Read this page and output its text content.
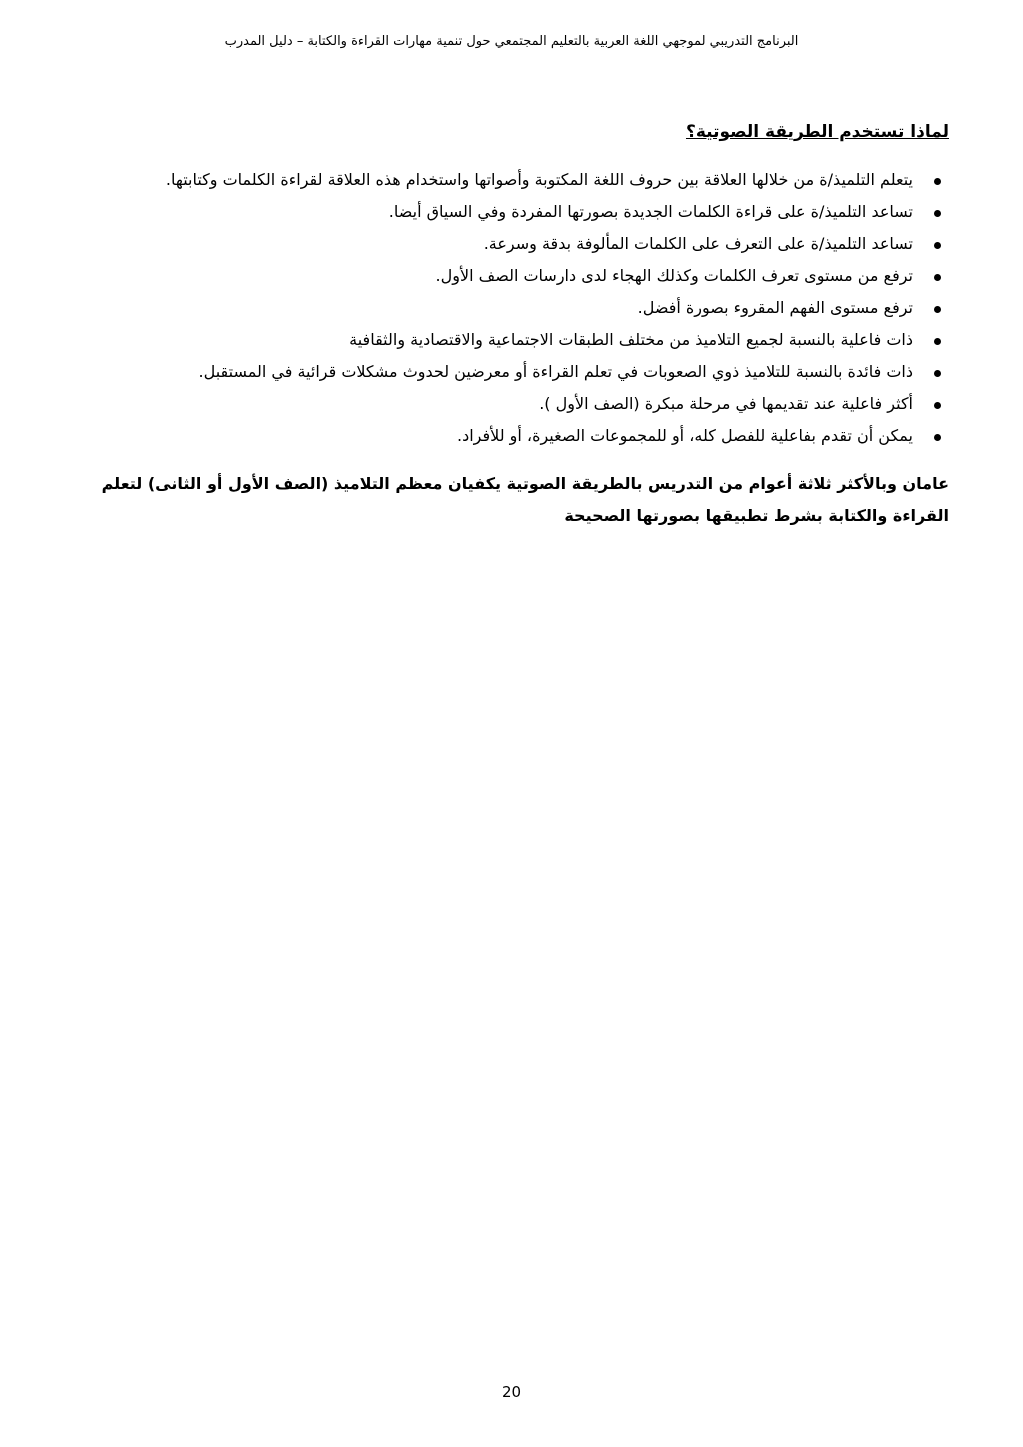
البرنامج التدريبي لموجهي اللغة العربية بالتعليم المجتمعي حول تنمية مهارات القراءة والكتابة – دليل المدرب
لماذا تستخدم الطريقة الصوتية؟
يتعلم التلميذ/ة من خلالها العلاقة بين حروف اللغة المكتوبة وأصواتها واستخدام هذه العلاقة لقراءة الكلمات وكتابتها.
تساعد التلميذ/ة على قراءة الكلمات الجديدة بصورتها المفردة وفي السياق أيضا.
تساعد التلميذ/ة على التعرف على الكلمات المألوفة بدقة وسرعة.
ترفع من مستوى تعرف الكلمات وكذلك الهجاء لدى دارسات الصف الأول.
ترفع مستوى الفهم المقروء بصورة أفضل.
ذات فاعلية بالنسبة لجميع التلاميذ من مختلف الطبقات الاجتماعية والاقتصادية والثقافية
ذات فائدة بالنسبة للتلاميذ ذوي الصعوبات في تعلم القراءة أو معرضين لحدوث مشكلات قرائية في المستقبل.
أكثر فاعلية عند تقديمها في مرحلة مبكرة (الصف الأول ).
يمكن أن تقدم بفاعلية للفصل كله، أو للمجموعات الصغيرة، أو للأفراد.

عامان وبالأكثر ثلاثة أعوام من التدريس بالطريقة الصوتية يكفيان معظم التلاميذ (الصف الأول أو الثانى) لتعلم القراءة والكتابة بشرط تطبيقها بصورتها الصحيحة

20
